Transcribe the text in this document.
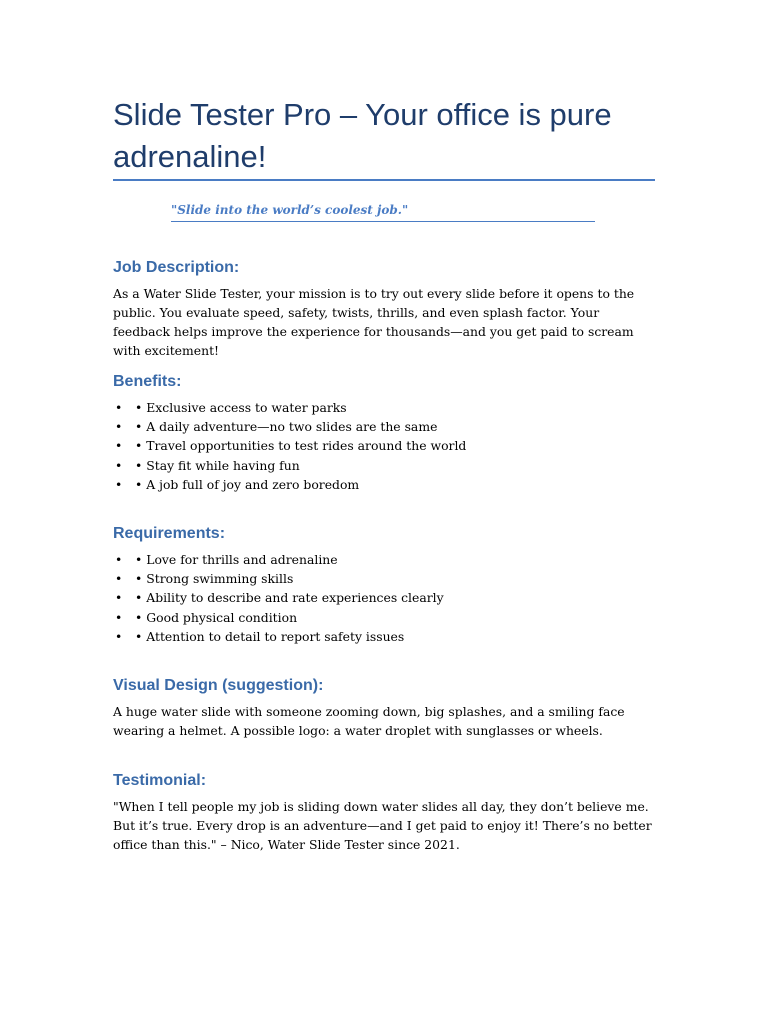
Slide Tester Pro – Your office is pure adrenaline!
"Slide into the world’s coolest job."
Job Description:

As a Water Slide Tester, your mission is to try out every slide before it opens to the public. You evaluate speed, safety, twists, thrills, and even splash factor. Your feedback helps improve the experience for thousands—and you get paid to scream with excitement!

Benefits:
• • Exclusive access to water parks
• • A daily adventure—no two slides are the same
• • Travel opportunities to test rides around the world
• • Stay fit while having fun
• • A job full of joy and zero boredom
Requirements:
• • Love for thrills and adrenaline
• • Strong swimming skills
• • Ability to describe and rate experiences clearly
• • Good physical condition
• • Attention to detail to report safety issues
Visual Design (suggestion):

A huge water slide with someone zooming down, big splashes, and a smiling face wearing a helmet. A possible logo: a water droplet with sunglasses or wheels.

Testimonial:

"When I tell people my job is sliding down water slides all day, they don’t believe me. But it’s true. Every drop is an adventure—and I get paid to enjoy it! There’s no better office than this." – Nico, Water Slide Tester since 2021.
